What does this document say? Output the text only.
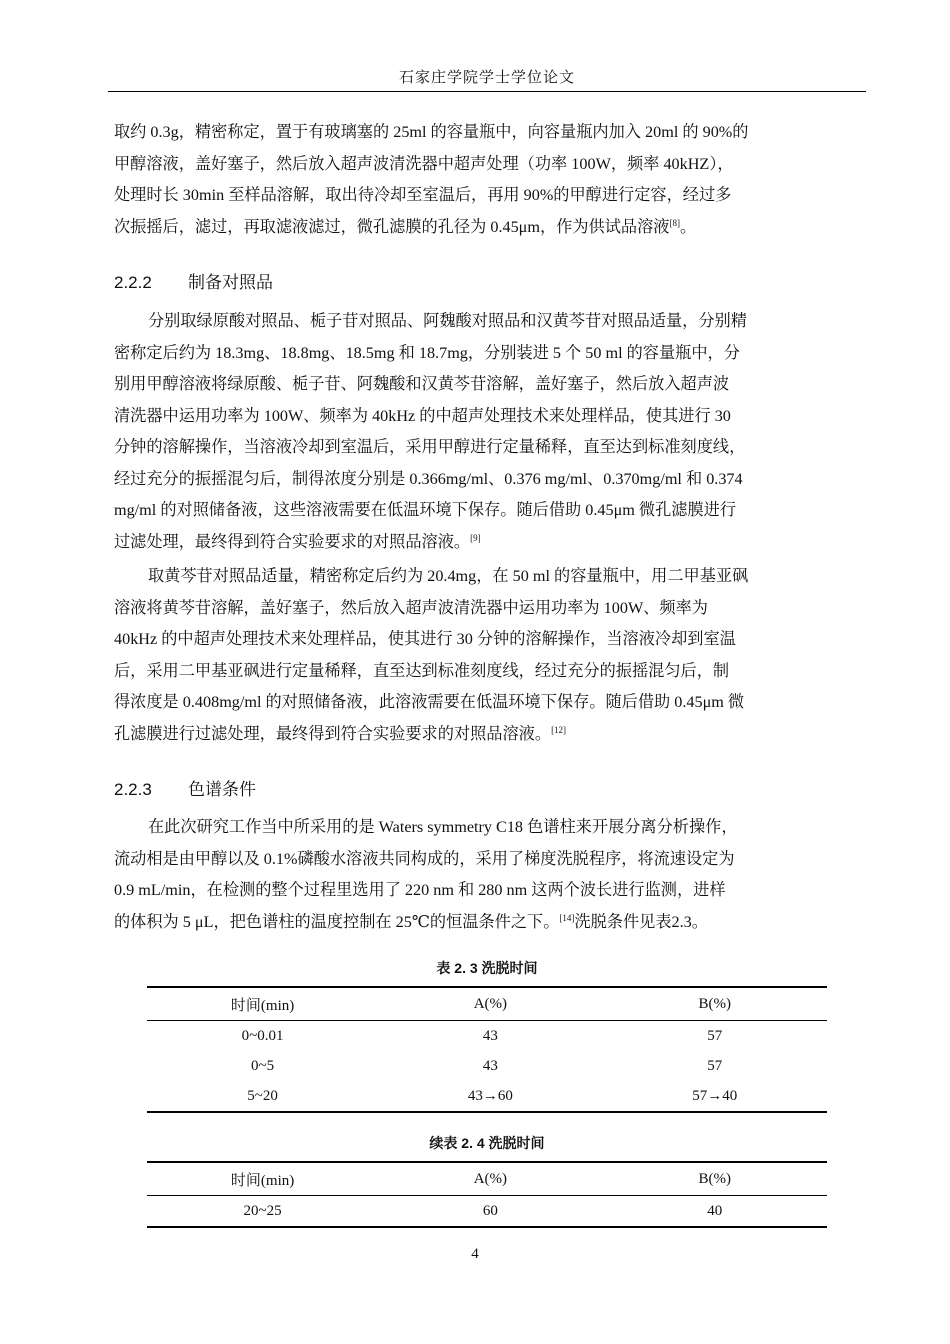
石家庄学院学士学位论文

取约 0.3g，精密称定，置于有玻璃塞的 25ml 的容量瓶中，向容量瓶内加入 20ml 的 90%的
甲醇溶液，盖好塞子，然后放入超声波清洗器中超声处理（功率 100W，频率 40kHZ），
处理时长 30min 至样品溶解，取出待冷却至室温后，再用 90%的甲醇进行定容，经过多
次振摇后，滤过，再取滤液滤过，微孔滤膜的孔径为 0.45μm，作为供试品溶液[8]。

2.2.2 制备对照品

分别取绿原酸对照品、栀子苷对照品、阿魏酸对照品和汉黄芩苷对照品适量，分别精
密称定后约为 18.3mg、18.8mg、18.5mg 和 18.7mg，分别装进 5 个 50 ml 的容量瓶中，分
别用甲醇溶液将绿原酸、栀子苷、阿魏酸和汉黄芩苷溶解，盖好塞子，然后放入超声波
清洗器中运用功率为 100W、频率为 40kHz 的中超声处理技术来处理样品，使其进行 30
分钟的溶解操作，当溶液冷却到室温后，采用甲醇进行定量稀释，直至达到标准刻度线，
经过充分的振摇混匀后，制得浓度分别是 0.366mg/ml、0.376 mg/ml、0.370mg/ml 和 0.374
mg/ml 的对照储备液，这些溶液需要在低温环境下保存。随后借助 0.45μm 微孔滤膜进行
过滤处理，最终得到符合实验要求的对照品溶液。[9]

取黄芩苷对照品适量，精密称定后约为 20.4mg，在 50 ml 的容量瓶中，用二甲基亚砜
溶液将黄芩苷溶解，盖好塞子，然后放入超声波清洗器中运用功率为 100W、频率为
40kHz 的中超声处理技术来处理样品，使其进行 30 分钟的溶解操作，当溶液冷却到室温
后，采用二甲基亚砜进行定量稀释，直至达到标准刻度线，经过充分的振摇混匀后，制
得浓度是 0.408mg/ml 的对照储备液，此溶液需要在低温环境下保存。随后借助 0.45μm 微
孔滤膜进行过滤处理，最终得到符合实验要求的对照品溶液。[12]

2.2.3 色谱条件

在此次研究工作当中所采用的是 Waters symmetry C18 色谱柱来开展分离分析操作，
流动相是由甲醇以及 0.1%磷酸水溶液共同构成的，采用了梯度洗脱程序，将流速设定为
0.9 mL/min，在检测的整个过程里选用了 220 nm 和 280 nm 这两个波长进行监测，进样
的体积为 5 μL，把色谱柱的温度控制在 25℃的恒温条件之下。[14]洗脱条件见表2.3。

表 2. 3 洗脱时间
时间(min)	A(%)	B(%)
0~0.01	43	57
0~5	43	57
5~20	43→60	57→40
续表 2. 4 洗脱时间
时间(min)	A(%)	B(%)
20~25	60	40
4
